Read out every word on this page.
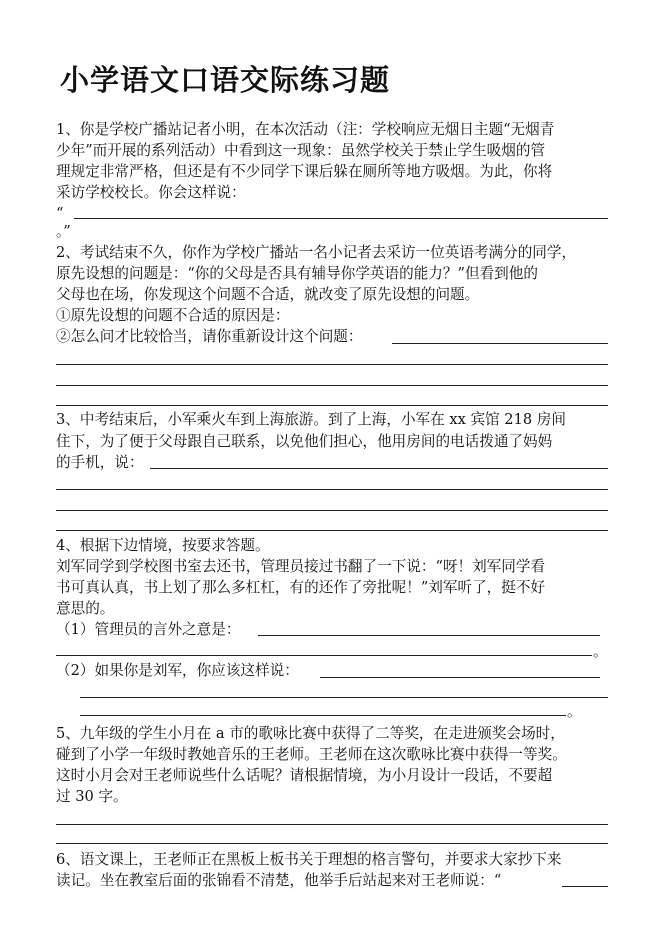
小学语文口语交际练习题
1、你是学校广播站记者小明，在本次活动（注：学校响应无烟日主题“无烟青
少年”而开展的系列活动）中看到这一现象：虽然学校关于禁止学生吸烟的管
理规定非常严格，但还是有不少同学下课后躲在厕所等地方吸烟。为此，你将
采访学校校长。你会这样说：
“
。”
2、考试结束不久，你作为学校广播站一名小记者去采访一位英语考满分的同学，
原先设想的问题是：“你的父母是否具有辅导你学英语的能力？”但看到他的
父母也在场，你发现这个问题不合适，就改变了原先设想的问题。
①原先设想的问题不合适的原因是：
②怎么问才比较恰当，请你重新设计这个问题：
3、中考结束后，小军乘火车到上海旅游。到了上海，小军在 xx 宾馆 218 房间
住下，为了便于父母跟自己联系，以免他们担心，他用房间的电话拨通了妈妈
的手机，说：
4、根据下边情境，按要求答题。
刘军同学到学校图书室去还书，管理员接过书翻了一下说：“呀！刘军同学看
书可真认真，书上划了那么多杠杠，有的还作了旁批呢！”刘军听了，挺不好
意思的。
（1）管理员的言外之意是：
。
（2）如果你是刘军，你应该这样说：
。
5、九年级的学生小月在 a 市的歌咏比赛中获得了二等奖，在走进颁奖会场时，
碰到了小学一年级时教她音乐的王老师。王老师在这次歌咏比赛中获得一等奖。
这时小月会对王老师说些什么话呢？请根据情境，为小月设计一段话，不要超
过 30 字。
6、语文课上，王老师正在黑板上板书关于理想的格言警句，并要求大家抄下来
读记。坐在教室后面的张锦看不清楚，他举手后站起来对王老师说：“
